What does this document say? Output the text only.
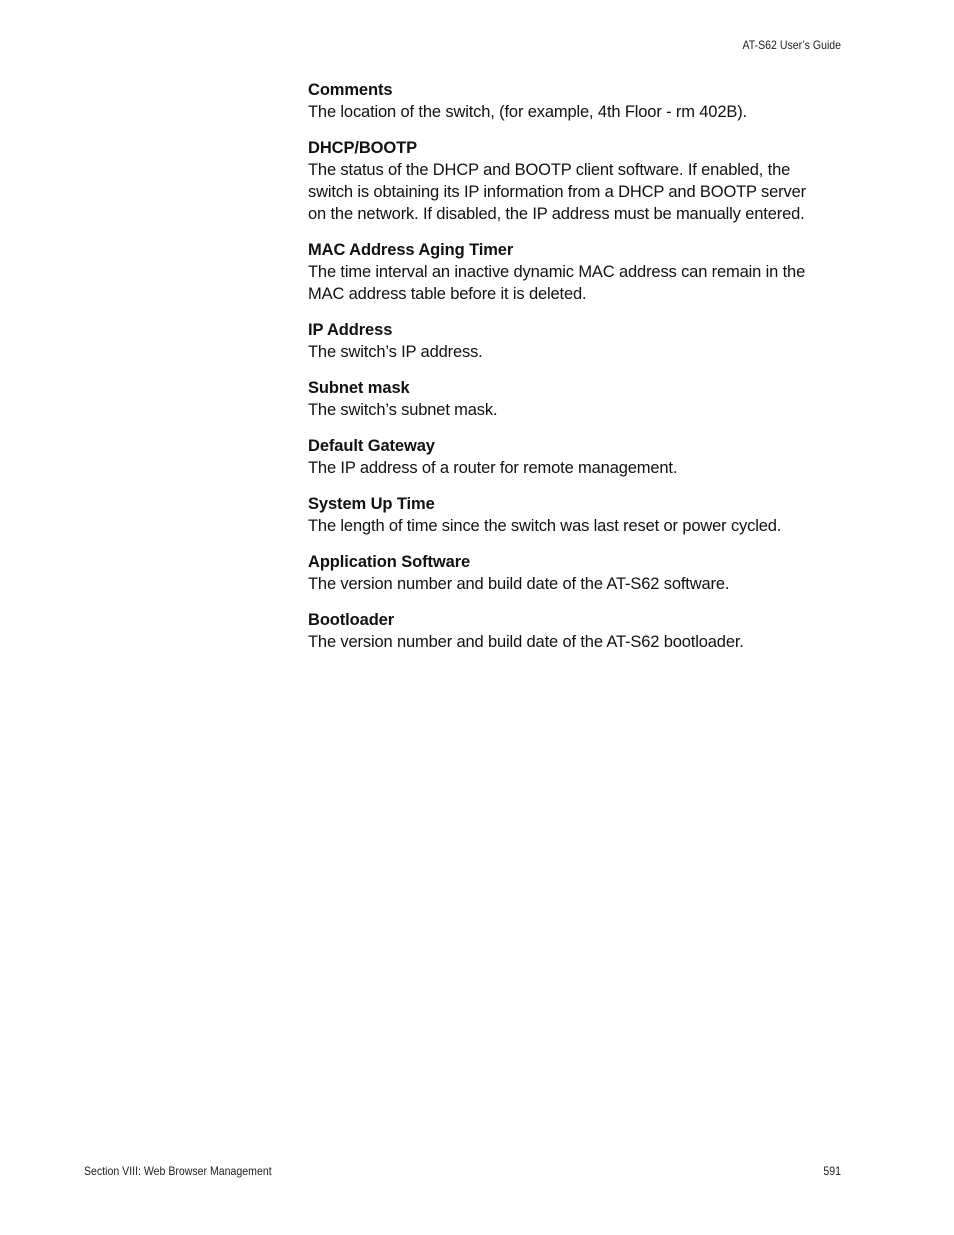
AT-S62 User’s Guide
Comments
The location of the switch, (for example, 4th Floor - rm 402B).
DHCP/BOOTP
The status of the DHCP and BOOTP client software. If enabled, the switch is obtaining its IP information from a DHCP and BOOTP server on the network. If disabled, the IP address must be manually entered.
MAC Address Aging Timer
The time interval an inactive dynamic MAC address can remain in the MAC address table before it is deleted.
IP Address
The switch’s IP address.
Subnet mask
The switch’s subnet mask.
Default Gateway
The IP address of a router for remote management.
System Up Time
The length of time since the switch was last reset or power cycled.
Application Software
The version number and build date of the AT-S62 software.
Bootloader
The version number and build date of the AT-S62 bootloader.
Section VIII: Web Browser Management	591
